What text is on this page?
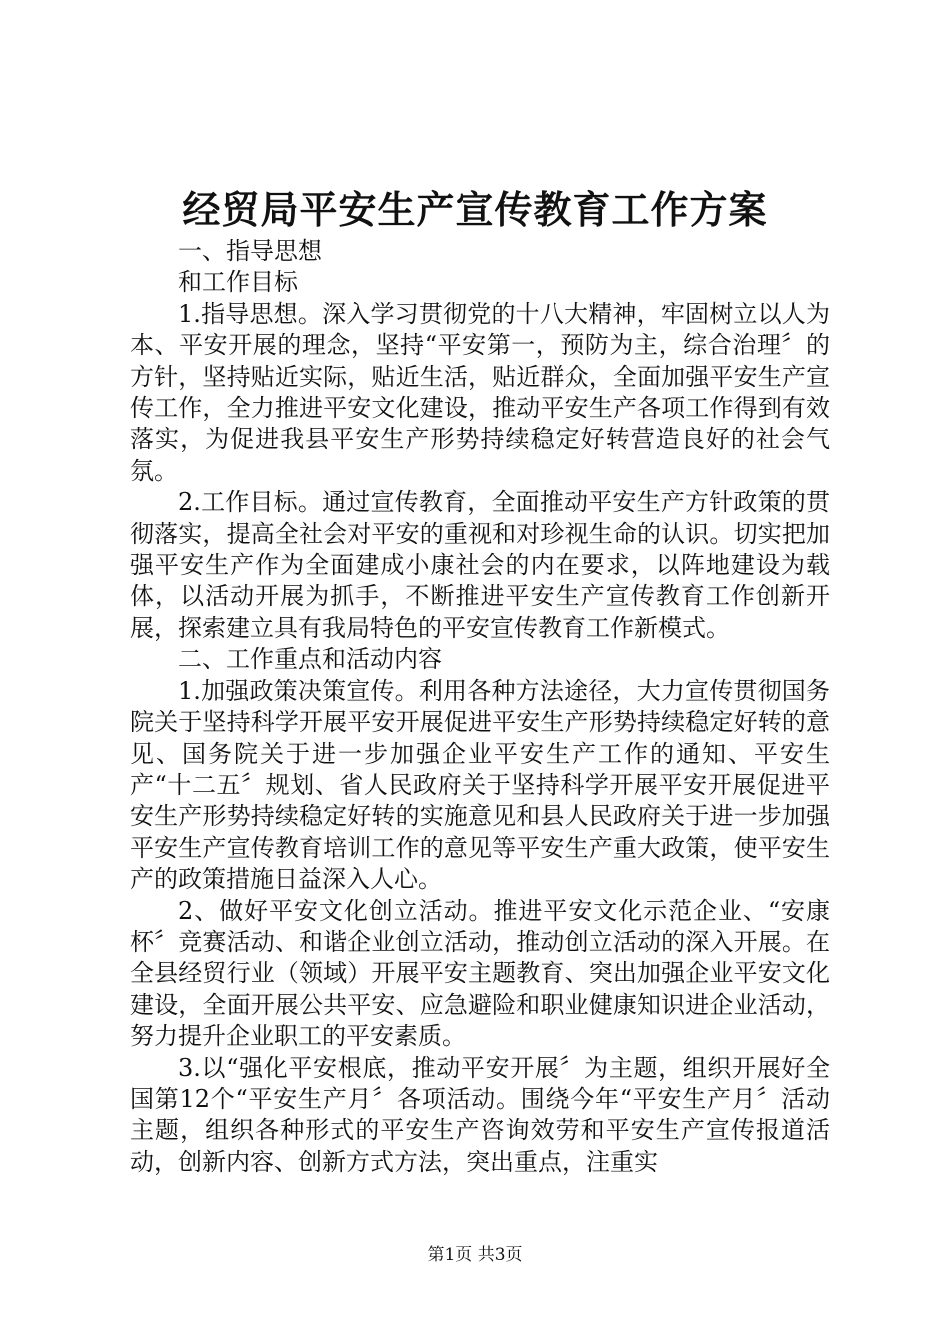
经贸局平安生产宣传教育工作方案

一、指导思想

和工作目标

1.指导思想。深入学习贯彻党的十八大精神，牢固树立以人为本、平安开展的理念，坚持“平安第一，预防为主，综合治理〞的方针，坚持贴近实际，贴近生活，贴近群众，全面加强平安生产宣传工作，全力推进平安文化建设，推动平安生产各项工作得到有效落实，为促进我县平安生产形势持续稳定好转营造良好的社会气氛。

2.工作目标。通过宣传教育，全面推动平安生产方针政策的贯彻落实，提高全社会对平安的重视和对珍视生命的认识。切实把加强平安生产作为全面建成小康社会的内在要求，以阵地建设为载体，以活动开展为抓手，不断推进平安生产宣传教育工作创新开展，探索建立具有我局特色的平安宣传教育工作新模式。

二、工作重点和活动内容

1.加强政策决策宣传。利用各种方法途径，大力宣传贯彻国务院关于坚持科学开展平安开展促进平安生产形势持续稳定好转的意见、国务院关于进一步加强企业平安生产工作的通知、平安生产“十二五〞规划、省人民政府关于坚持科学开展平安开展促进平安生产形势持续稳定好转的实施意见和县人民政府关于进一步加强平安生产宣传教育培训工作的意见等平安生产重大政策，使平安生产的政策措施日益深入人心。

2、做好平安文化创立活动。推进平安文化示范企业、“安康杯〞竞赛活动、和谐企业创立活动，推动创立活动的深入开展。在全县经贸行业（领域）开展平安主题教育、突出加强企业平安文化建设，全面开展公共平安、应急避险和职业健康知识进企业活动，努力提升企业职工的平安素质。

3.以“强化平安根底，推动平安开展〞为主题，组织开展好全国第12个“平安生产月〞各项活动。围绕今年“平安生产月〞活动主题，组织各种形式的平安生产咨询效劳和平安生产宣传报道活动，创新内容、创新方式方法，突出重点，注重实

第1页 共3页
